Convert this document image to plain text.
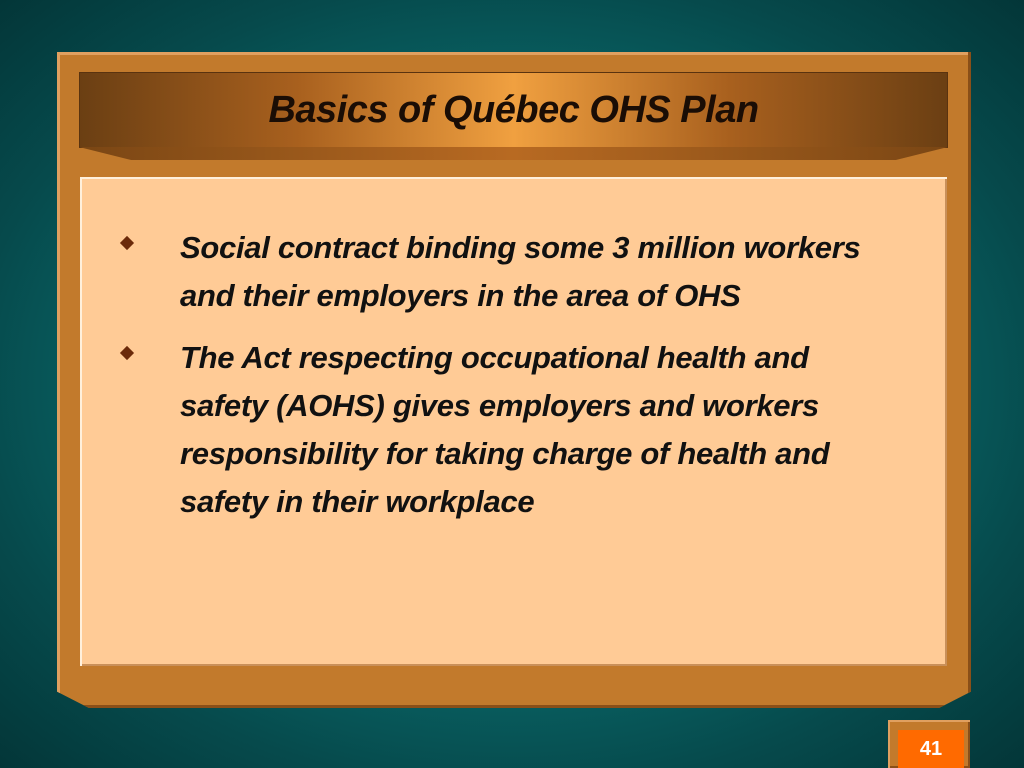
Basics of Québec OHS Plan
Social contract binding some 3 million workers and their employers in the area of OHS
The Act respecting occupational health and safety (AOHS) gives employers and workers responsibility for taking charge of health and safety in their workplace
41
